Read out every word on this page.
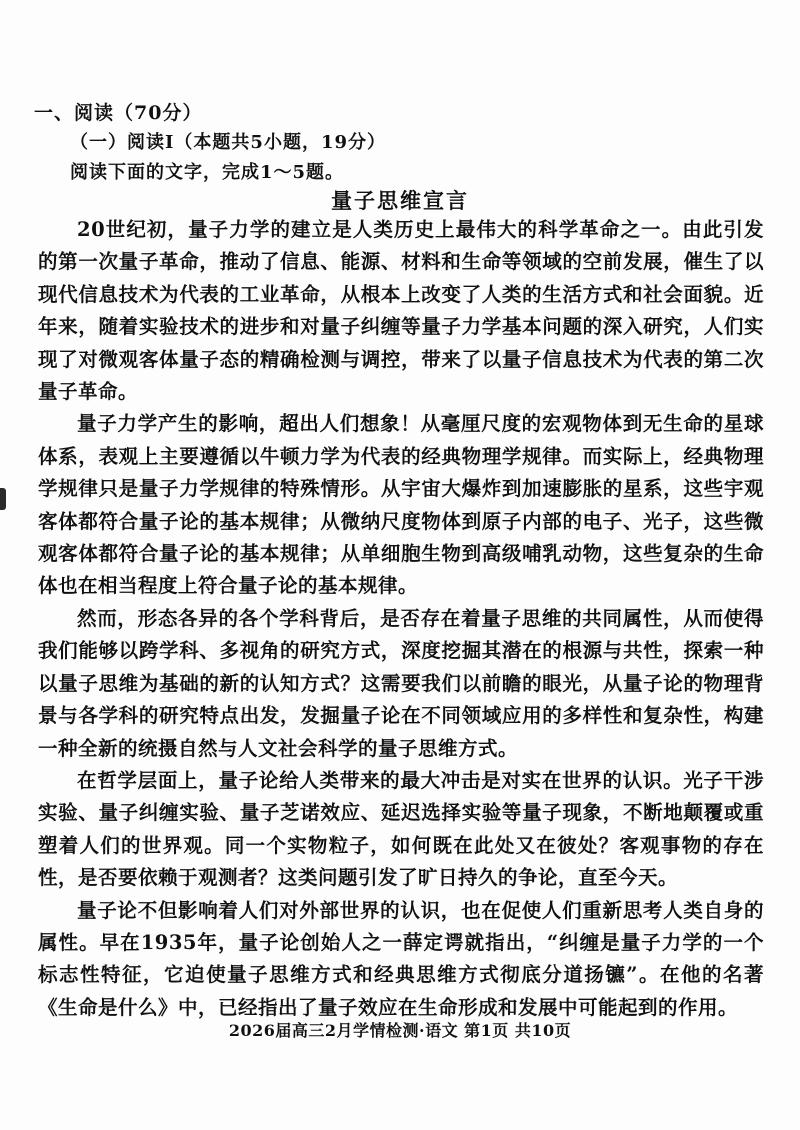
一、阅读（70分）
（一）阅读Ⅰ（本题共5小题，19分）
阅读下面的文字，完成1～5题。
量子思维宣言

20世纪初，量子力学的建立是人类历史上最伟大的科学革命之一。由此引发的第一次量子革命，推动了信息、能源、材料和生命等领域的空前发展，催生了以现代信息技术为代表的工业革命，从根本上改变了人类的生活方式和社会面貌。近年来，随着实验技术的进步和对量子纠缠等量子力学基本问题的深入研究，人们实现了对微观客体量子态的精确检测与调控，带来了以量子信息技术为代表的第二次量子革命。

量子力学产生的影响，超出人们想象！从毫厘尺度的宏观物体到无生命的星球体系，表观上主要遵循以牛顿力学为代表的经典物理学规律。而实际上，经典物理学规律只是量子力学规律的特殊情形。从宇宙大爆炸到加速膨胀的星系，这些宇观客体都符合量子论的基本规律；从微纳尺度物体到原子内部的电子、光子，这些微观客体都符合量子论的基本规律；从单细胞生物到高级哺乳动物，这些复杂的生命体也在相当程度上符合量子论的基本规律。

然而，形态各异的各个学科背后，是否存在着量子思维的共同属性，从而使得我们能够以跨学科、多视角的研究方式，深度挖掘其潜在的根源与共性，探索一种以量子思维为基础的新的认知方式？这需要我们以前瞻的眼光，从量子论的物理背景与各学科的研究特点出发，发掘量子论在不同领域应用的多样性和复杂性，构建一种全新的统摄自然与人文社会科学的量子思维方式。

在哲学层面上，量子论给人类带来的最大冲击是对实在世界的认识。光子干涉实验、量子纠缠实验、量子芝诺效应、延迟选择实验等量子现象，不断地颠覆或重塑着人们的世界观。同一个实物粒子，如何既在此处又在彼处？客观事物的存在性，是否要依赖于观测者？这类问题引发了旷日持久的争论，直至今天。

量子论不但影响着人们对外部世界的认识，也在促使人们重新思考人类自身的属性。早在1935年，量子论创始人之一薛定谔就指出，“纠缠是量子力学的一个标志性特征，它迫使量子思维方式和经典思维方式彻底分道扬镳”。在他的名著《生命是什么》中，已经指出了量子效应在生命形成和发展中可能起到的作用。

2026届高三2月学情检测·语文 第1页 共10页
